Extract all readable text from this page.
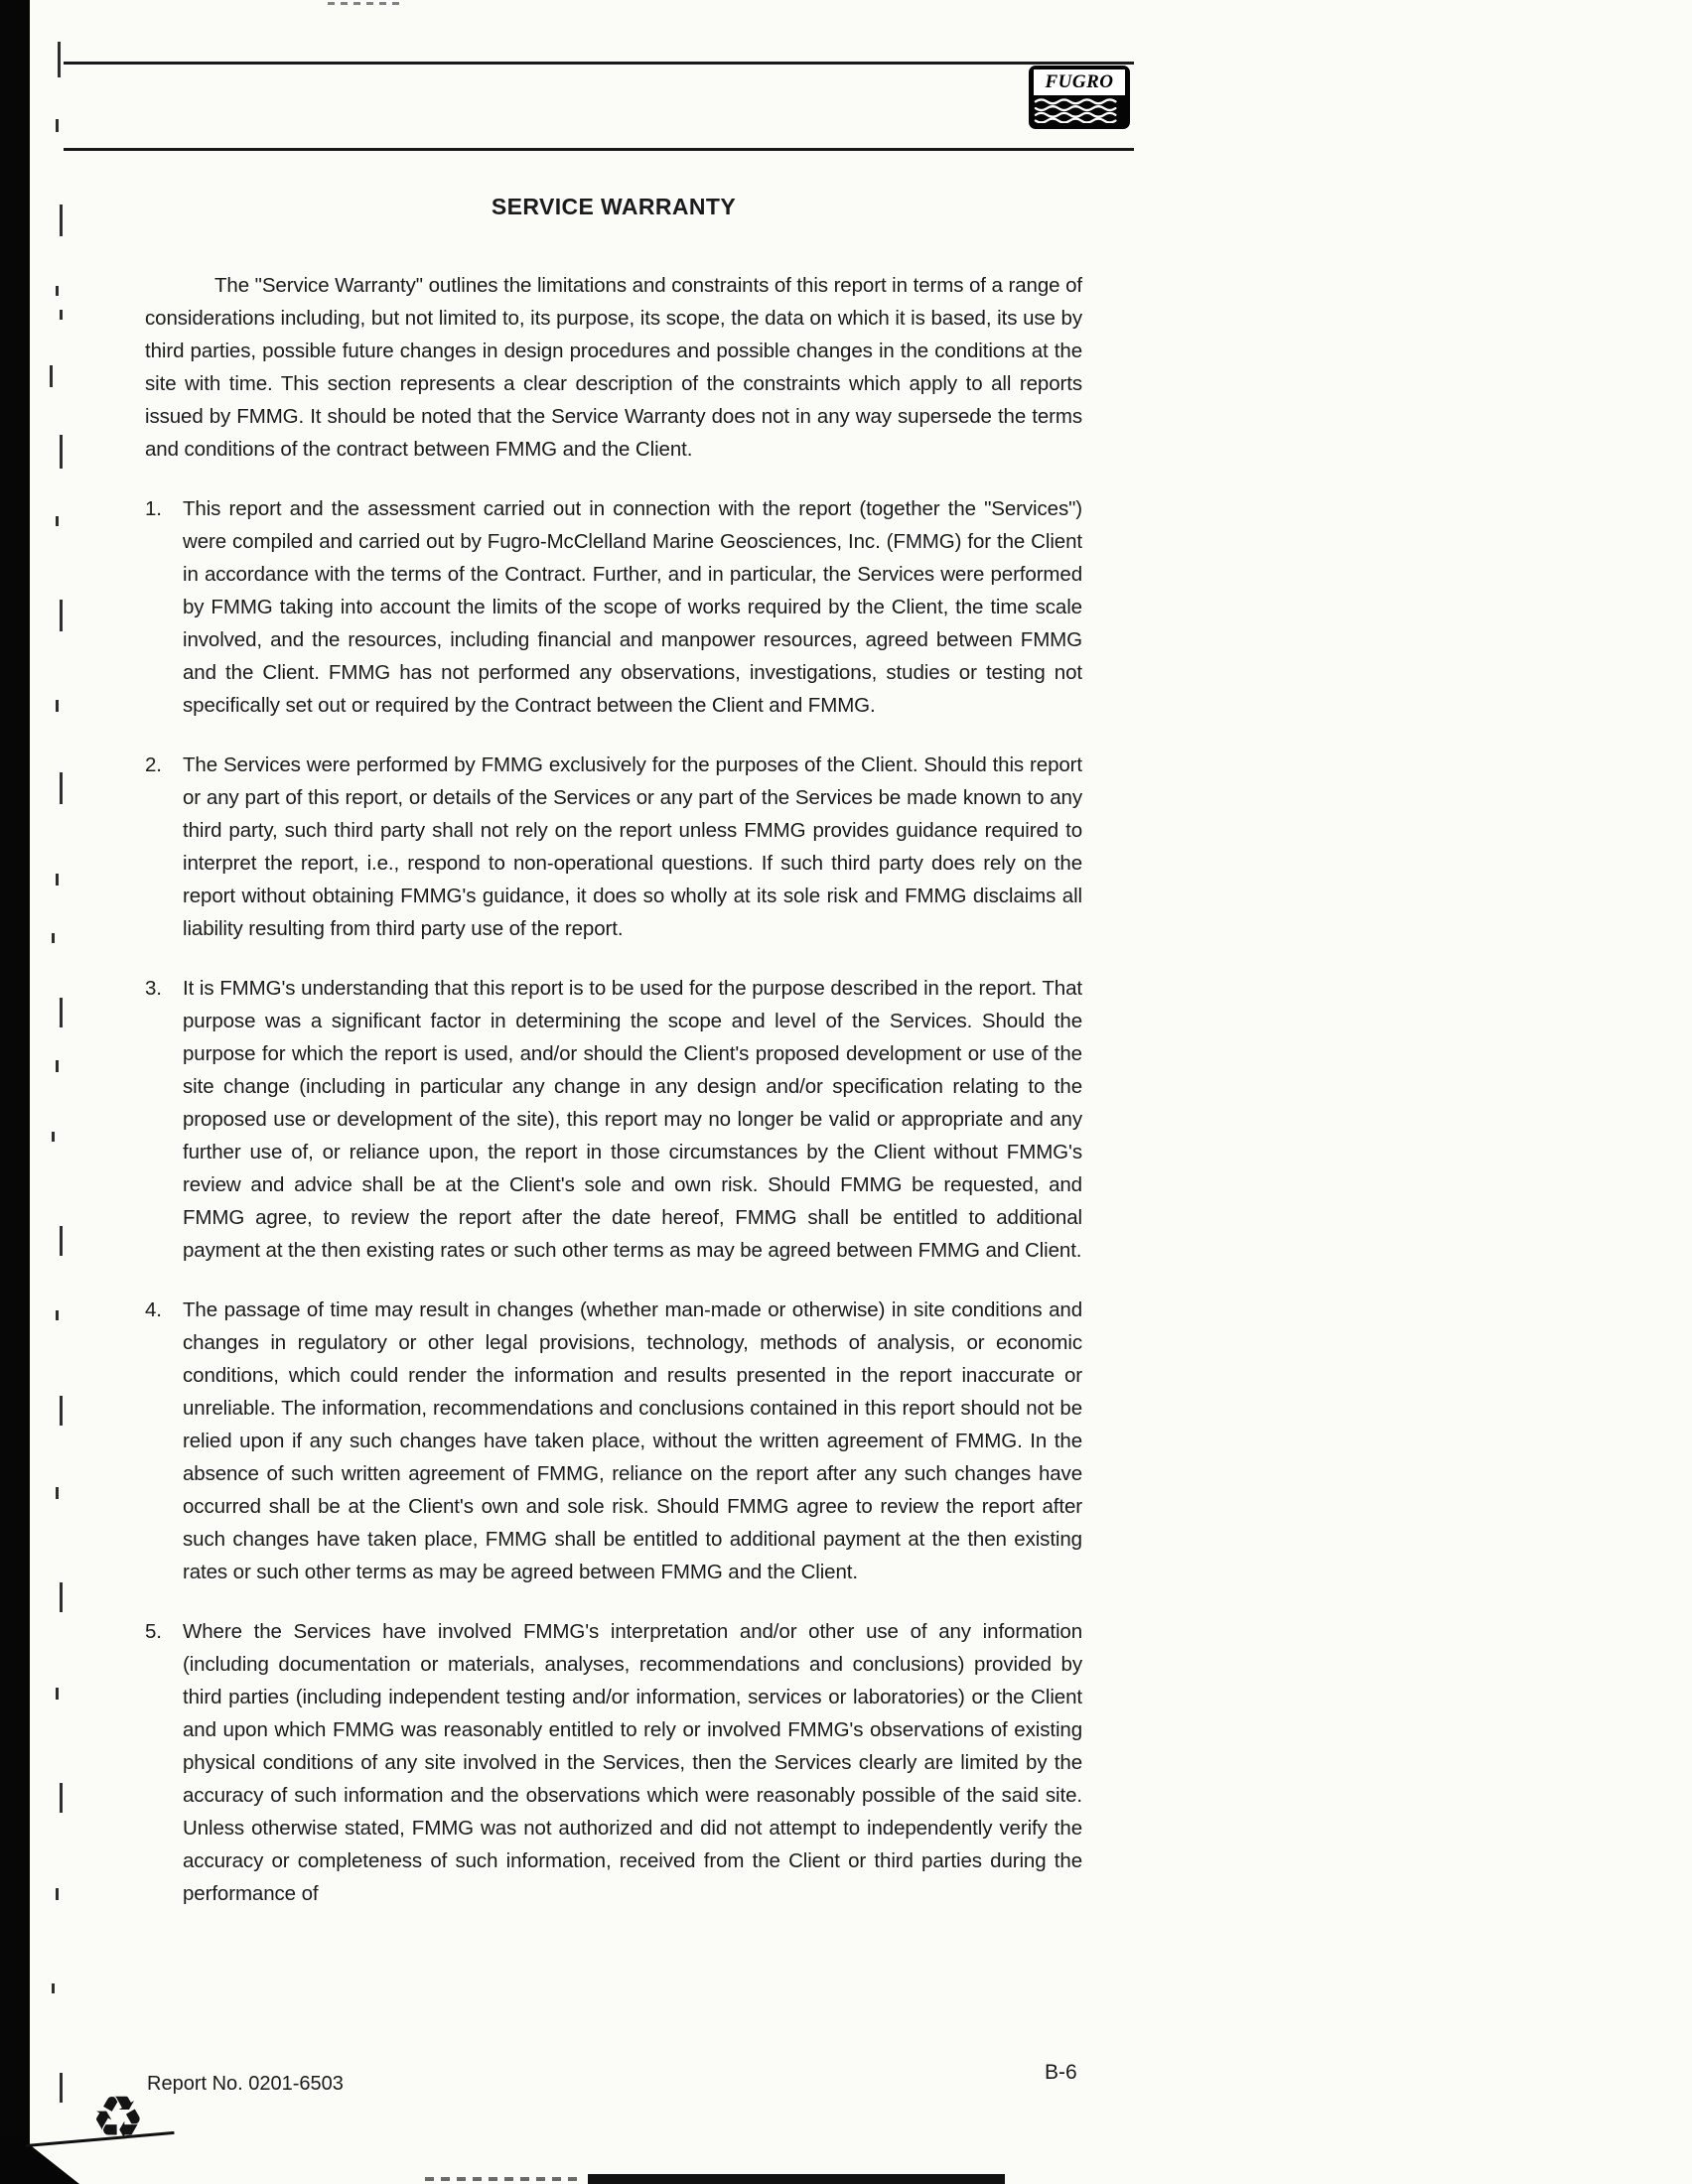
FUGRO
SERVICE WARRANTY

The "Service Warranty" outlines the limitations and constraints of this report in terms of a range of considerations including, but not limited to, its purpose, its scope, the data on which it is based, its use by third parties, possible future changes in design procedures and possible changes in the conditions at the site with time. This section represents a clear description of the constraints which apply to all reports issued by FMMG. It should be noted that the Service Warranty does not in any way supersede the terms and conditions of the contract between FMMG and the Client.

1.	This report and the assessment carried out in connection with the report (together the "Services") were compiled and carried out by Fugro-McClelland Marine Geosciences, Inc. (FMMG) for the Client in accordance with the terms of the Contract. Further, and in particular, the Services were performed by FMMG taking into account the limits of the scope of works required by the Client, the time scale involved, and the resources, including financial and manpower resources, agreed between FMMG and the Client. FMMG has not performed any observations, investigations, studies or testing not specifically set out or required by the Contract between the Client and FMMG.

2.	The Services were performed by FMMG exclusively for the purposes of the Client. Should this report or any part of this report, or details of the Services or any part of the Services be made known to any third party, such third party shall not rely on the report unless FMMG provides guidance required to interpret the report, i.e., respond to non-operational questions. If such third party does rely on the report without obtaining FMMG's guidance, it does so wholly at its sole risk and FMMG disclaims all liability resulting from third party use of the report.

3.	It is FMMG's understanding that this report is to be used for the purpose described in the report. That purpose was a significant factor in determining the scope and level of the Services. Should the purpose for which the report is used, and/or should the Client's proposed development or use of the site change (including in particular any change in any design and/or specification relating to the proposed use or development of the site), this report may no longer be valid or appropriate and any further use of, or reliance upon, the report in those circumstances by the Client without FMMG's review and advice shall be at the Client's sole and own risk. Should FMMG be requested, and FMMG agree, to review the report after the date hereof, FMMG shall be entitled to additional payment at the then existing rates or such other terms as may be agreed between FMMG and Client.

4.	The passage of time may result in changes (whether man-made or otherwise) in site conditions and changes in regulatory or other legal provisions, technology, methods of analysis, or economic conditions, which could render the information and results presented in the report inaccurate or unreliable. The information, recommendations and conclusions contained in this report should not be relied upon if any such changes have taken place, without the written agreement of FMMG. In the absence of such written agreement of FMMG, reliance on the report after any such changes have occurred shall be at the Client's own and sole risk. Should FMMG agree to review the report after such changes have taken place, FMMG shall be entitled to additional payment at the then existing rates or such other terms as may be agreed between FMMG and the Client.

5.	Where the Services have involved FMMG's interpretation and/or other use of any information (including documentation or materials, analyses, recommendations and conclusions) provided by third parties (including independent testing and/or information, services or laboratories) or the Client and upon which FMMG was reasonably entitled to rely or involved FMMG's observations of existing physical conditions of any site involved in the Services, then the Services clearly are limited by the accuracy of such information and the observations which were reasonably possible of the said site. Unless otherwise stated, FMMG was not authorized and did not attempt to independently verify the accuracy or completeness of such information, received from the Client or third parties during the performance of

Report No. 0201-6503	B-6
♻
